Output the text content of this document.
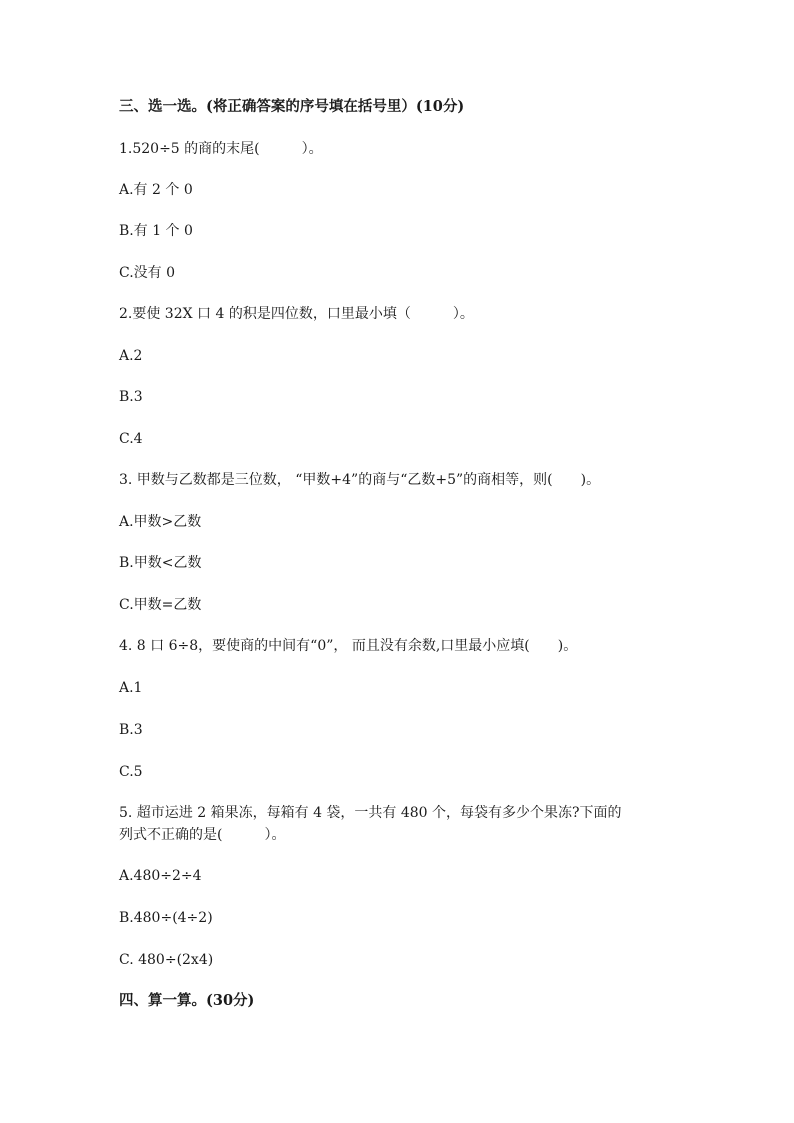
三、选一选。(将正确答案的序号填在括号里）(10分)
1.520÷5 的商的末尾(　　　）。
A.有 2 个 0
B.有 1 个 0
C.没有 0
2.要使 32X 口 4 的积是四位数，口里最小填（　　　）。
A.2
B.3
C.4
3. 甲数与乙数都是三位数， “甲数+4”的商与“乙数+5”的商相等，则(　　)。
A.甲数>乙数
B.甲数<乙数
C.甲数=乙数
4. 8 口 6÷8，要使商的中间有“0”， 而且没有余数,口里最小应填(　　)。
A.1
B.3
C.5
5. 超市运进 2 箱果冻，每箱有 4 袋，一共有 480 个，每袋有多少个果冻?下面的
列式不正确的是(　　　）。
A.480÷2÷4
B.480÷(4÷2)
C. 480÷(2x4)
四、算一算。(30分)
